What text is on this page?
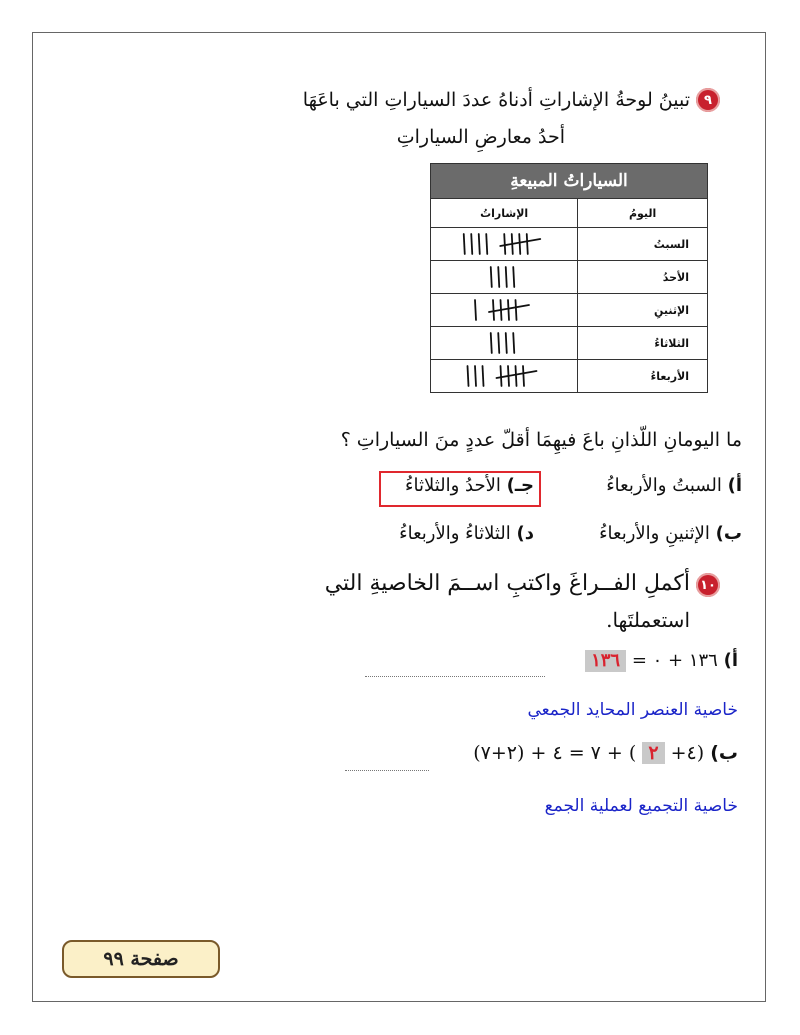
٩
تبينُ لوحةُ الإشاراتِ أدناهُ عددَ السياراتِ التي باعَهَا
أحدُ معارضِ السياراتِ
السياراتُ المبيعةِ	
الإشاراتُ	اليومُ

	السبتُ

	الأحدُ

	الإثنينِ

	الثلاثاءُ

	الأربعاءُ
ما اليومانِ اللّذانِ باعَ فيهِمَا أقلّ عددٍ منَ السياراتِ ؟
أ) السبتُ والأربعاءُ
جـ) الأحدُ والثلاثاءُ
ب) الإثنينِ والأربعاءُ
د) الثلاثاءُ والأربعاءُ
١٠
أكملِ الفــراغَ واكتبِ اســمَ الخاصيةِ التي
استعملتَها.
أ) ١٣٦ + ٠ = ١٣٦
خاصية العنصر المحايد الجمعي
ب) (٤+ ٢ ) + ٧ = ٤ + (٢+٧)
خاصية التجميع لعملية الجمع
صفحة ٩٩
